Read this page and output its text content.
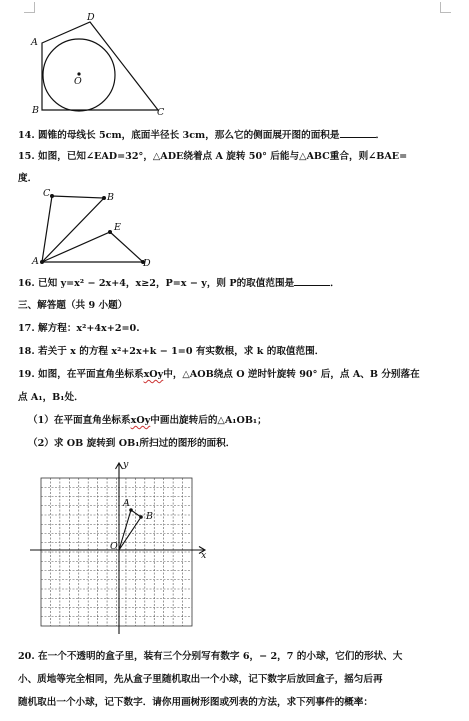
A
D
O
B	C
14. 圆锥的母线长 5cm，底面半径长 3cm，那么它的侧面展开图的面积是	．
15. 如图，已知∠EAD=32°，△ADE绕着点 A 旋转 50° 后能与△ABC重合，则∠BAE=
度．
C	B
E
A	D
16. 已知 y=x² − 2x+4，x≥2，P=x − y，则 P的取值范围是	．
三、解答题（共 9 小题）
17. 解方程：x²+4x+2=0.
18. 若关于 x 的方程 x²+2x+k − 1=0 有实数根，求 k 的取值范围．
19. 如图，在平面直角坐标系xOy中，△AOB绕点 O 逆时针旋转 90° 后，点 A、B 分别落在
点 A₁，B₁处．
（1）在平面直角坐标系xOy中画出旋转后的△A₁OB₁；
（2）求 OB 旋转到 OB₁所扫过的图形的面积．
y
x
A
B
O
20. 在一个不透明的盒子里，装有三个分别写有数字 6，− 2，7 的小球，它们的形状、大
小、质地等完全相同，先从盒子里随机取出一个小球，记下数字后放回盒子，摇匀后再
随机取出一个小球，记下数字．请你用画树形图或列表的方法，求下列事件的概率：
